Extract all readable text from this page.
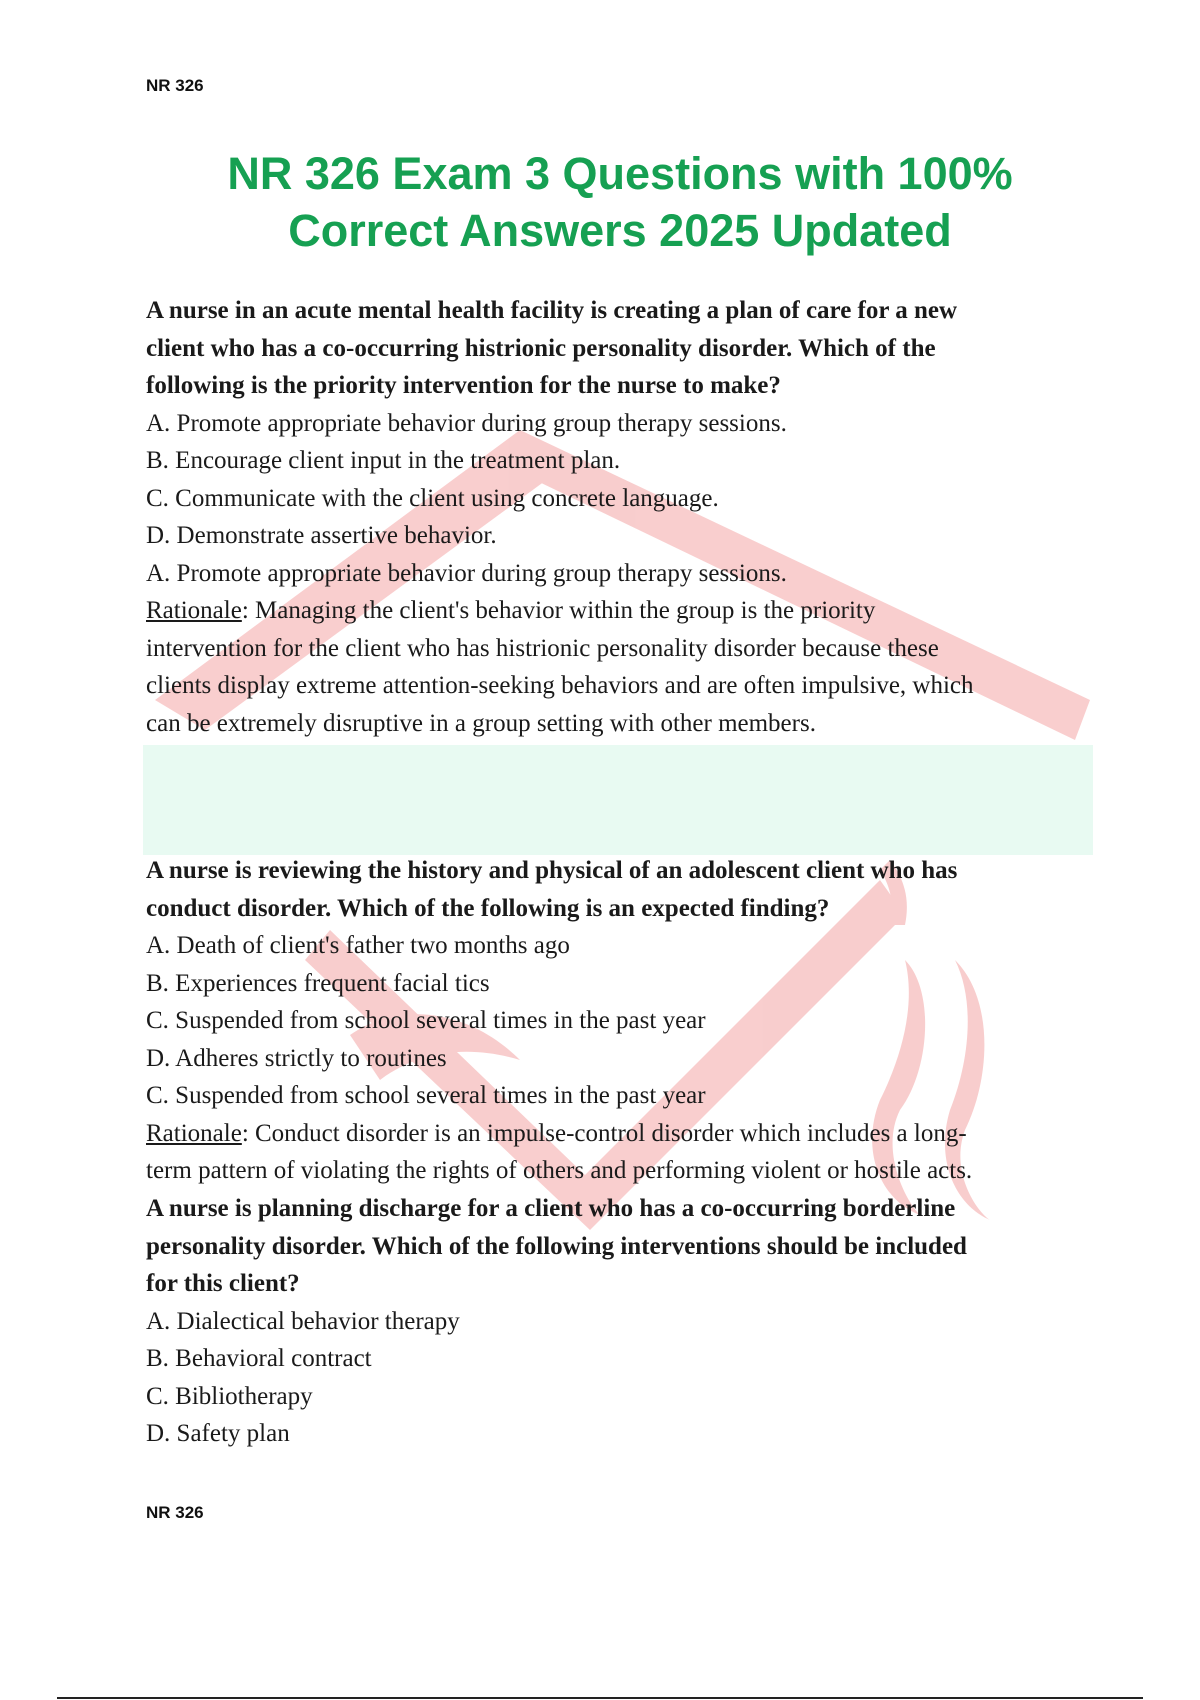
NR 326
NR 326 Exam 3 Questions with 100%
Correct Answers 2025 Updated

A nurse in an acute mental health facility is creating a plan of care for a new
client who has a co-occurring histrionic personality disorder. Which of the
following is the priority intervention for the nurse to make?

A. Promote appropriate behavior during group therapy sessions.

B. Encourage client input in the treatment plan.

C. Communicate with the client using concrete language.

D. Demonstrate assertive behavior.

A. Promote appropriate behavior during group therapy sessions.

Rationale: Managing the client's behavior within the group is the priority
intervention for the client who has histrionic personality disorder because these
clients display extreme attention-seeking behaviors and are often impulsive, which
can be extremely disruptive in a group setting with other members.

A nurse is reviewing the history and physical of an adolescent client who has
conduct disorder. Which of the following is an expected finding?

A. Death of client's father two months ago

B. Experiences frequent facial tics

C. Suspended from school several times in the past year

D. Adheres strictly to routines

C. Suspended from school several times in the past year

Rationale: Conduct disorder is an impulse-control disorder which includes a long-
term pattern of violating the rights of others and performing violent or hostile acts.

A nurse is planning discharge for a client who has a co-occurring borderline
personality disorder. Which of the following interventions should be included
for this client?

A. Dialectical behavior therapy

B. Behavioral contract

C. Bibliotherapy

D. Safety plan

NR 326
